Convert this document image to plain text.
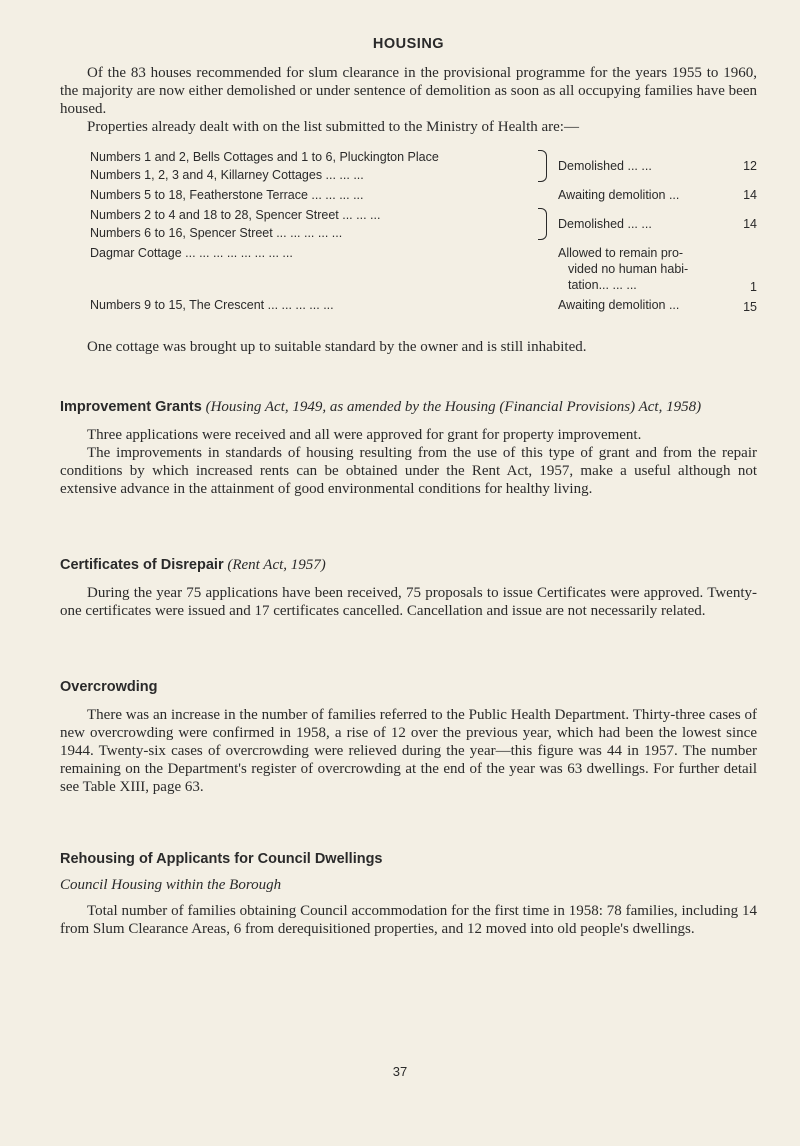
HOUSING

Of the 83 houses recommended for slum clearance in the provisional programme for the years 1955 to 1960, the majority are now either demolished or under sentence of demolition as soon as all occupying families have been housed.

Properties already dealt with on the list submitted to the Ministry of Health are:—

Numbers 1 and 2, Bells Cottages and 1 to 6, Pluckington Place
Numbers 1, 2, 3 and 4, Killarney Cottages ... ... ...
Demolished ... ...	12
Numbers 5 to 18, Featherstone Terrace ... ... ... ...	Awaiting demolition ...	14
Numbers 2 to 4 and 18 to 28, Spencer Street ... ... ...
Numbers 6 to 16, Spencer Street ... ... ... ... ...
Demolished ... ...	14
Dagmar Cottage ... ... ... ... ... ... ... ...	Allowed to remain pro-
vided no human habi-
tation... ... ...	1
Numbers 9 to 15, The Crescent ... ... ... ... ...	Awaiting demolition ...	15

One cottage was brought up to suitable standard by the owner and is still inhabited.

Improvement Grants (Housing Act, 1949, as amended by the Housing (Financial Provisions) Act, 1958)

Three applications were received and all were approved for grant for property improvement.

The improvements in standards of housing resulting from the use of this type of grant and from the repair conditions by which increased rents can be obtained under the Rent Act, 1957, make a useful although not extensive advance in the attainment of good environmental conditions for healthy living.

Certificates of Disrepair (Rent Act, 1957)

During the year 75 applications have been received, 75 proposals to issue Certificates were approved. Twenty-one certificates were issued and 17 certificates cancelled. Cancellation and issue are not necessarily related.

Overcrowding

There was an increase in the number of families referred to the Public Health Department. Thirty-three cases of new overcrowding were confirmed in 1958, a rise of 12 over the previous year, which had been the lowest since 1944. Twenty-six cases of overcrowding were relieved during the year—this figure was 44 in 1957. The number remaining on the Department's register of overcrowding at the end of the year was 63 dwellings. For further detail see Table XIII, page 63.

Rehousing of Applicants for Council Dwellings

Council Housing within the Borough

Total number of families obtaining Council accommodation for the first time in 1958: 78 families, including 14 from Slum Clearance Areas, 6 from derequisitioned properties, and 12 moved into old people's dwellings.

37
